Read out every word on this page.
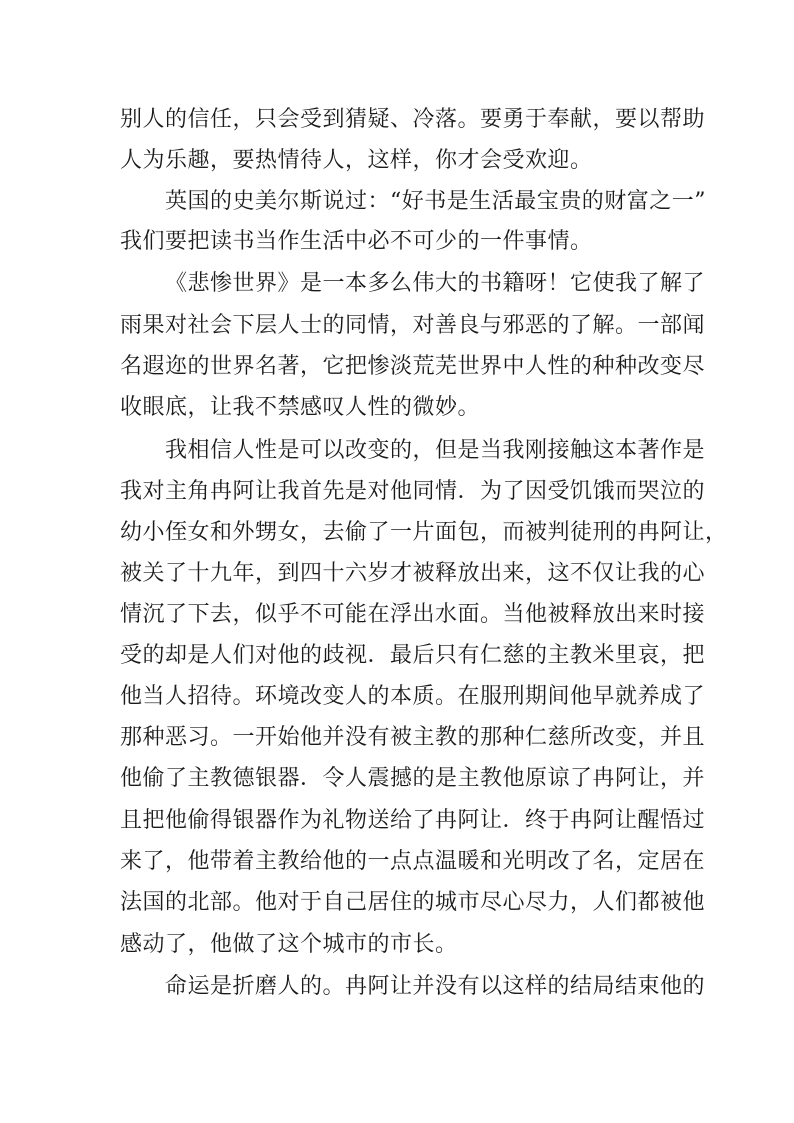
别人的信任，只会受到猜疑、冷落。要勇于奉献，要以帮助
人为乐趣，要热情待人，这样，你才会受欢迎。
英国的史美尔斯说过：“好书是生活最宝贵的财富之一”
我们要把读书当作生活中必不可少的一件事情。
《悲惨世界》是一本多么伟大的书籍呀！它使我了解了
雨果对社会下层人士的同情，对善良与邪恶的了解。一部闻
名遐迩的世界名著，它把惨淡荒芜世界中人性的种种改变尽
收眼底，让我不禁感叹人性的微妙。
我相信人性是可以改变的，但是当我刚接触这本著作是
我对主角冉阿让我首先是对他同情．为了因受饥饿而哭泣的
幼小侄女和外甥女，去偷了一片面包，而被判徒刑的冉阿让，
被关了十九年，到四十六岁才被释放出来，这不仅让我的心
情沉了下去，似乎不可能在浮出水面。当他被释放出来时接
受的却是人们对他的歧视．最后只有仁慈的主教米里哀，把
他当人招待。环境改变人的本质。在服刑期间他早就养成了
那种恶习。一开始他并没有被主教的那种仁慈所改变，并且
他偷了主教德银器．令人震撼的是主教他原谅了冉阿让，并
且把他偷得银器作为礼物送给了冉阿让．终于冉阿让醒悟过
来了，他带着主教给他的一点点温暖和光明改了名，定居在
法国的北部。他对于自己居住的城市尽心尽力，人们都被他
感动了，他做了这个城市的市长。
命运是折磨人的。冉阿让并没有以这样的结局结束他的
